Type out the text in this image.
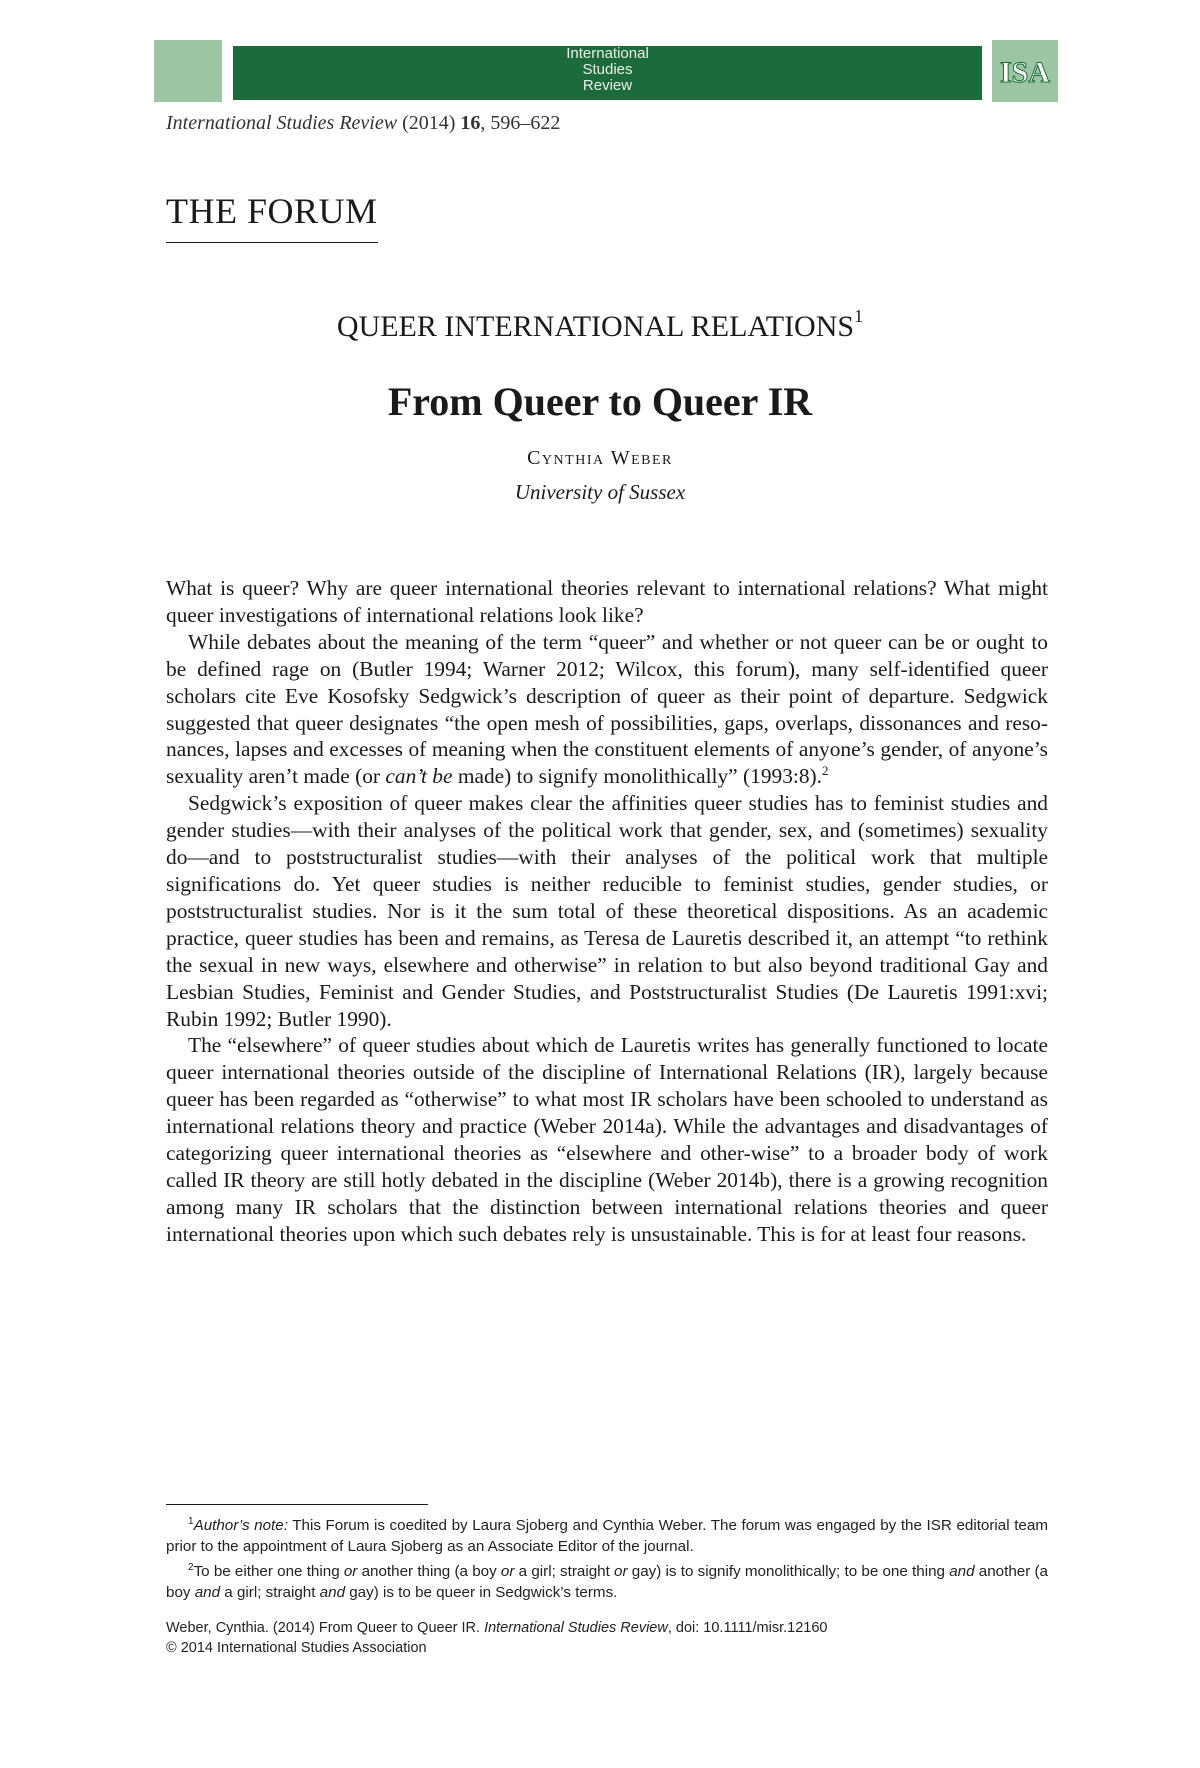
International
Studies
Review	ISA
International Studies Review (2014) 16, 596–622
THE FORUM
QUEER INTERNATIONAL RELATIONS$^1$
From Queer to Queer IR
Cynthia Weber
University of Sussex

What is queer? Why are queer international theories relevant to international relations? What might queer investigations of international relations look like?

While debates about the meaning of the term “queer” and whether or not queer can be or ought to be defined rage on (Butler 1994; Warner 2012; Wilcox, this forum), many self-identified queer scholars cite Eve Kosofsky Sedgwick’s description of queer as their point of departure. Sedgwick suggested that queer designates “the open mesh of possibilities, gaps, overlaps, dissonances and resonances, lapses and excesses of meaning when the constituent elements of anyone’s gender, of anyone’s sexuality aren’t made (or can’t be made) to signify monolithically” (1993:8).$^2$

Sedgwick’s exposition of queer makes clear the affinities queer studies has to feminist studies and gender studies—with their analyses of the political work that gender, sex, and (sometimes) sexuality do—and to poststructuralist studies—with their analyses of the political work that multiple significations do. Yet queer studies is neither reducible to feminist studies, gender studies, or poststructuralist studies. Nor is it the sum total of these theoretical dispositions. As an academic practice, queer studies has been and remains, as Teresa de Lauretis described it, an attempt “to rethink the sexual in new ways, elsewhere and otherwise” in relation to but also beyond traditional Gay and Lesbian Studies, Feminist and Gender Studies, and Poststructuralist Studies (De Lauretis 1991:xvi; Rubin 1992; Butler 1990).

The “elsewhere” of queer studies about which de Lauretis writes has generally functioned to locate queer international theories outside of the discipline of International Relations (IR), largely because queer has been regarded as “otherwise” to what most IR scholars have been schooled to understand as international relations theory and practice (Weber 2014a). While the advantages and disadvantages of categorizing queer international theories as “elsewhere and other-wise” to a broader body of work called IR theory are still hotly debated in the discipline (Weber 2014b), there is a growing recognition among many IR scholars that the distinction between international relations theories and queer international theories upon which such debates rely is unsustainable. This is for at least four reasons.

$^1$Author’s note: This Forum is coedited by Laura Sjoberg and Cynthia Weber. The forum was engaged by the ISR editorial team prior to the appointment of Laura Sjoberg as an Associate Editor of the journal.

$^2$To be either one thing or another thing (a boy or a girl; straight or gay) is to signify monolithically; to be one thing and another (a boy and a girl; straight and gay) is to be queer in Sedgwick’s terms.

Weber, Cynthia. (2014) From Queer to Queer IR. International Studies Review, doi: 10.1111/misr.12160

© 2014 International Studies Association
